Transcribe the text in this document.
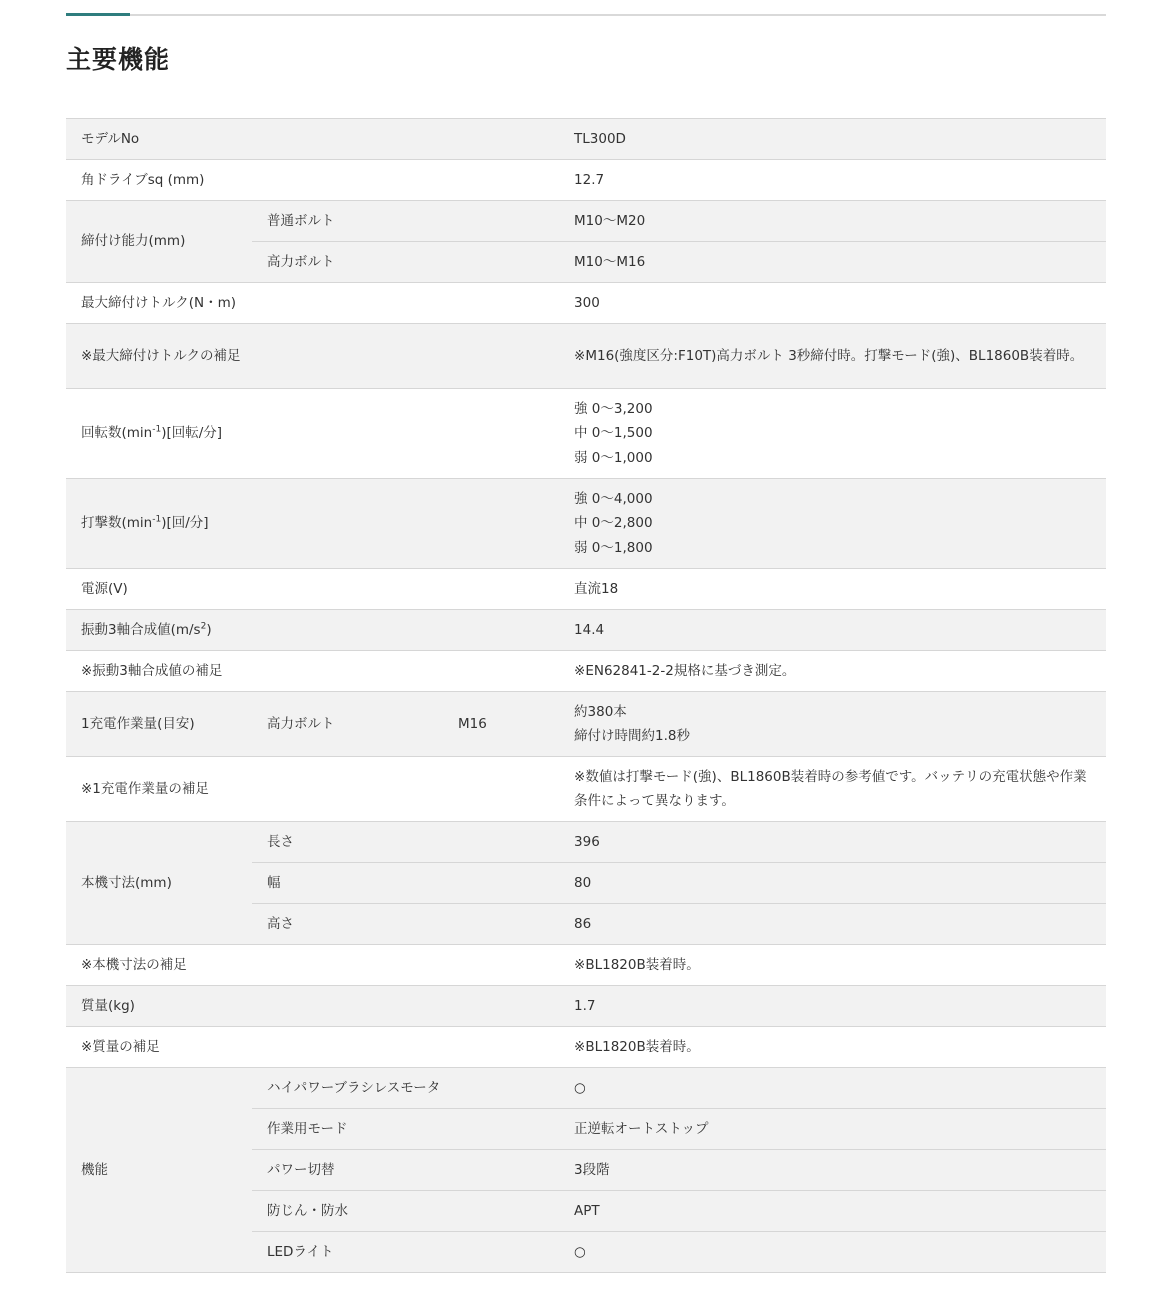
主要機能
モデルNo			TL300D
角ドライブsq (mm)			12.7
締付け能力(mm)	普通ボルト		M10〜M20
	高力ボルト		M10〜M16
最大締付けトルク(N・m)			300
※最大締付けトルクの補足			※M16(強度区分:F10T)高力ボルト 3秒締付時。打撃モード(強)、BL1860B装着時。
回転数$(\min^{-1})$[回転/分]			強 0〜3,200
中 0〜1,500
弱 0〜1,000

打撃数$(\min^{-1})$[回/分]			強 0〜4,000
中 0〜2,800
弱 0〜1,800

電源(V)			直流18
振動3軸合成値$(m/s^2)$			14.4
※振動3軸合成値の補足			※EN62841-2-2規格に基づき測定。
1充電作業量(目安)	高力ボルト	M16	約380本
締付け時間約1.8秒

※1充電作業量の補足			※数値は打撃モード(強)、BL1860B装着時の参考値です。バッテリの充電状態や作業条件によって異なります。
本機寸法(mm)	長さ		396
	幅		80
	高さ		86
※本機寸法の補足			※BL1820B装着時。
質量(kg)			1.7
※質量の補足			※BL1820B装着時。
機能	ハイパワーブラシレスモータ		○
	作業用モード		正逆転オートストップ
	パワー切替		3段階
	防じん・防水		APT
	LEDライト		○
